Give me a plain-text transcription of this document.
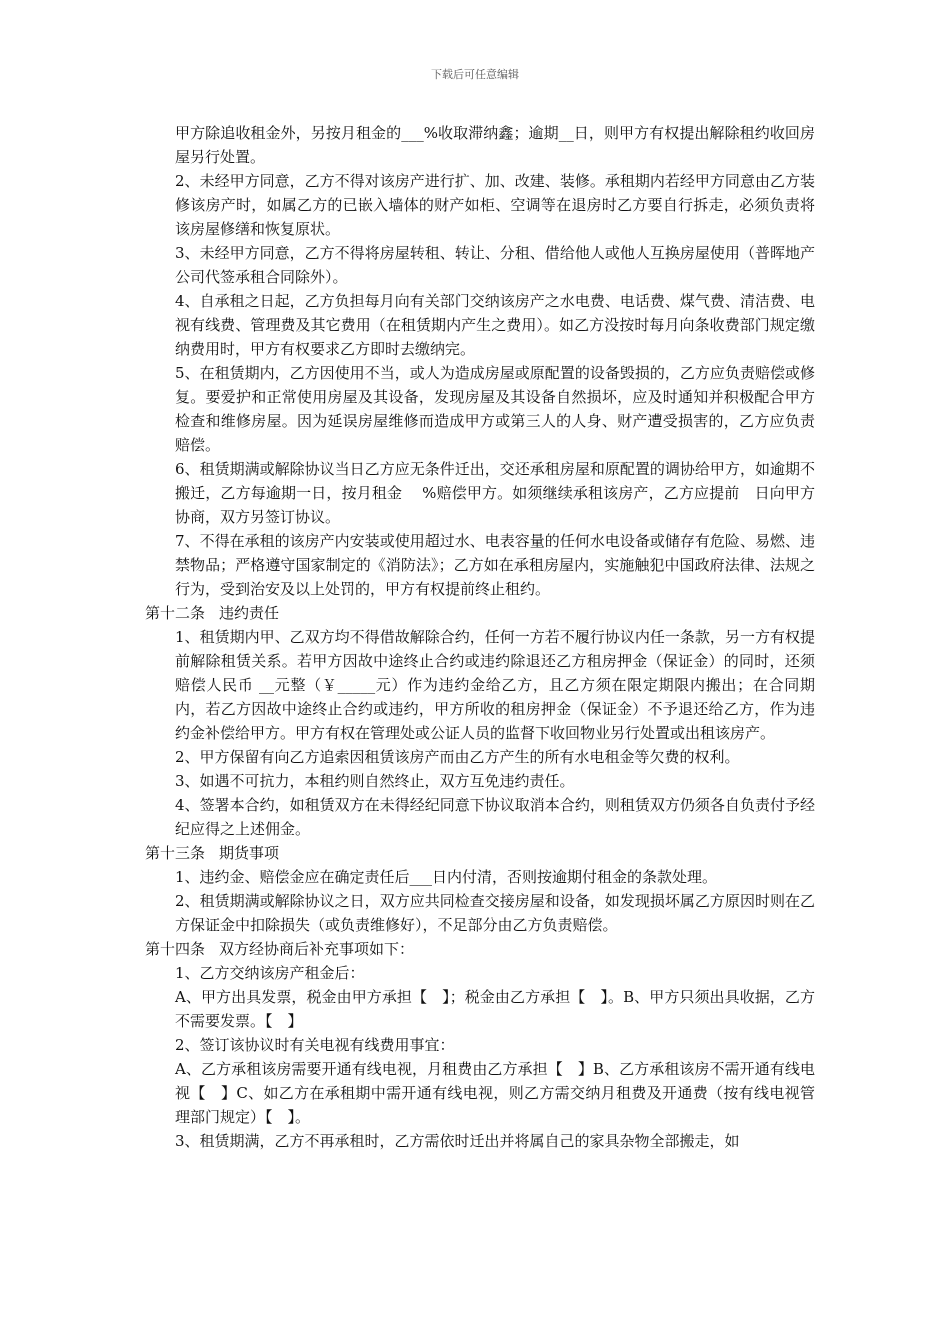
下载后可任意编辑

甲方除追收租金外，另按月租金的___%收取滞纳鑫；逾期__日，则甲方有权提出解除租约收回房屋另行处置。

2、未经甲方同意，乙方不得对该房产进行扩、加、改建、装修。承租期内若经甲方同意由乙方装修该房产时，如属乙方的已嵌入墙体的财产如柜、空调等在退房时乙方要自行拆走，必须负责将该房屋修缮和恢复原状。

3、未经甲方同意，乙方不得将房屋转租、转让、分租、借给他人或他人互换房屋使用（普晖地产公司代签承租合同除外）。

4、自承租之日起，乙方负担每月向有关部门交纳该房产之水电费、电话费、煤气费、清洁费、电视有线费、管理费及其它费用（在租赁期内产生之费用）。如乙方没按时每月向条收费部门规定缴纳费用时，甲方有权要求乙方即时去缴纳完。

5、在租赁期内，乙方因使用不当，或人为造成房屋或原配置的设备毁损的，乙方应负责赔偿或修复。要爱护和正常使用房屋及其设备，发现房屋及其设备自然损坏，应及时通知并积极配合甲方检查和维修房屋。因为延误房屋维修而造成甲方或第三人的人身、财产遭受损害的，乙方应负责赔偿。

6、租赁期满或解除协议当日乙方应无条件迁出，交还承租房屋和原配置的调协给甲方，如逾期不搬迁，乙方每逾期一日，按月租金　 %赔偿甲方。如须继续承租该房产，乙方应提前　日向甲方协商，双方另签订协议。

7、不得在承租的该房产内安装或使用超过水、电表容量的任何水电设备或储存有危险、易燃、违禁物品；严格遵守国家制定的《消防法》；乙方如在承租房屋内，实施触犯中国政府法律、法规之行为，受到治安及以上处罚的，甲方有权提前终止租约。

第十二条 违约责任

1、租赁期内甲、乙双方均不得借故解除合约，任何一方若不履行协议内任一条款，另一方有权提前解除租赁关系。若甲方因故中途终止合约或违约除退还乙方租房押金（保证金）的同时，还须赔偿人民币 __元整（￥_____元）作为违约金给乙方，且乙方须在限定期限内搬出；在合同期内，若乙方因故中途终止合约或违约，甲方所收的租房押金（保证金）不予退还给乙方，作为违约金补偿给甲方。甲方有权在管理处或公证人员的监督下收回物业另行处置或出租该房产。

2、甲方保留有向乙方追索因租赁该房产而由乙方产生的所有水电租金等欠费的权利。

3、如遇不可抗力，本租约则自然终止，双方互免违约责任。

4、签署本合约，如租赁双方在未得经纪同意下协议取消本合约，则租赁双方仍须各自负责付予经纪应得之上述佣金。

第十三条 期货事项

1、违约金、赔偿金应在确定责任后___日内付清，否则按逾期付租金的条款处理。

2、租赁期满或解除协议之日，双方应共同检查交接房屋和设备，如发现损坏属乙方原因时则在乙方保证金中扣除损失（或负责维修好），不足部分由乙方负责赔偿。

第十四条 双方经协商后补充事项如下：

1、乙方交纳该房产租金后：

A、甲方出具发票，税金由甲方承担【　】；税金由乙方承担【　】。B、甲方只须出具收据，乙方不需要发票。【　】

2、签订该协议时有关电视有线费用事宜：

A、乙方承租该房需要开通有线电视，月租费由乙方承担【　】B、乙方承租该房不需开通有线电视【　】C、如乙方在承租期中需开通有线电视，则乙方需交纳月租费及开通费（按有线电视管理部门规定）【　】。

3、租赁期满，乙方不再承租时，乙方需依时迁出并将属自己的家具杂物全部搬走，如
